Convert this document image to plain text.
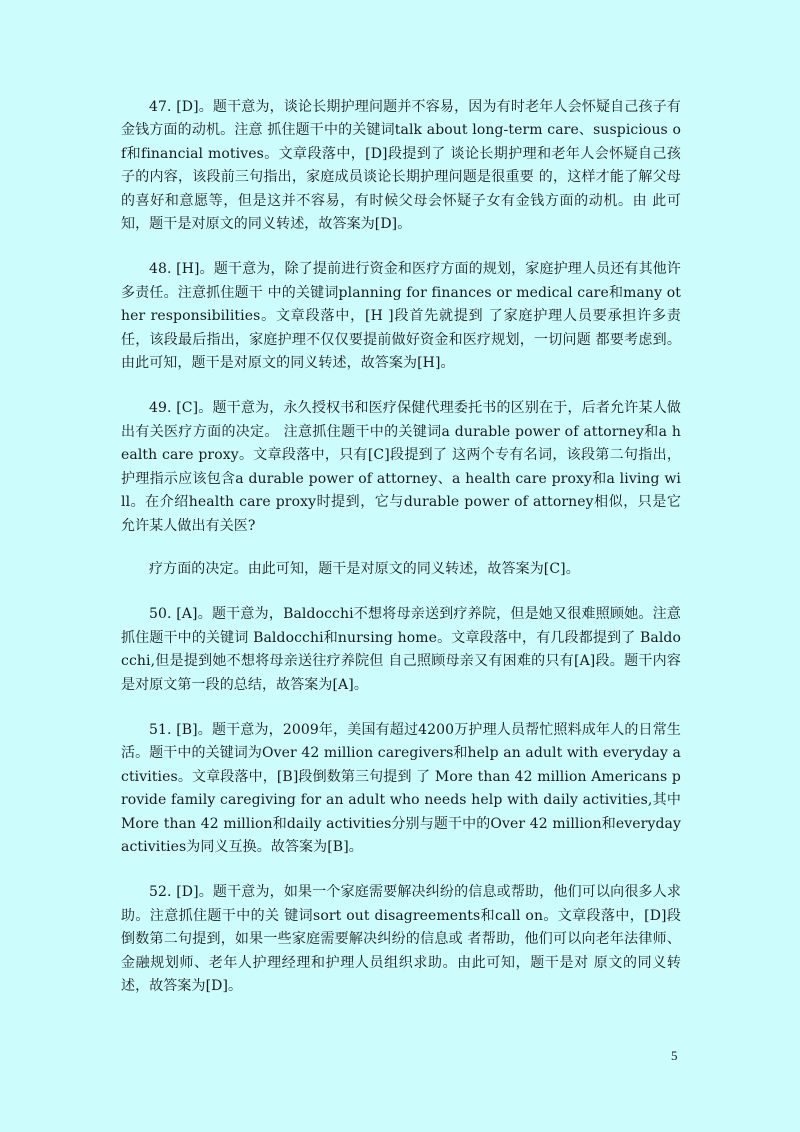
47. [D]。题干意为，谈论长期护理问题并不容易，因为有时老年人会怀疑自己孩子有金钱方面的动机。注意 抓住题干中的关键词talk about long-term care、suspicious of和financial motives。文章段落中，[D]段提到了 谈论长期护理和老年人会怀疑自己孩子的内容，该段前三句指出，家庭成员谈论长期护理问题是很重要 的，这样才能了解父母的喜好和意愿等，但是这并不容易，有时候父母会怀疑子女有金钱方面的动机。由 此可知，题干是对原文的同义转述，故答案为[D]。

48. [H]。题干意为，除了提前进行资金和医疗方面的规划，家庭护理人员还有其他许多责任。注意抓住题干 中的关键词planning for finances or medical care和many other responsibilities。文章段落中，[H ]段首先就提到 了家庭护理人员要承担许多责任，该段最后指出，家庭护理不仅仅要提前做好资金和医疗规划，一切问题 都要考虑到。由此可知，题干是对原文的同义转述，故答案为[H]。

49. [C]。题干意为，永久授权书和医疗保健代理委托书的区别在于，后者允许某人做出有关医疗方面的决定。 注意抓住题干中的关键词a durable power of attorney和a health care proxy。文章段落中，只有[C]段提到了 这两个专有名词，该段第二句指出，护理指示应该包含a durable power of attorney、a health care proxy和a living will。在介绍health care proxy时提到，它与durable power of attorney相似，只是它允许某人做出有关医?

疗方面的决定。由此可知，题干是对原文的同义转述，故答案为[C]。

50. [A]。题干意为，Baldocchi不想将母亲送到疗养院，但是她又很难照顾她。注意抓住题干中的关键词 Baldocchi和nursing home。文章段落中，有几段都提到了 Baldocchi,但是提到她不想将母亲送往疗养院但 自己照顾母亲又有困难的只有[A]段。题干内容是对原文第一段的总结，故答案为[A]。

51. [B]。题干意为，2009年，美国有超过4200万护理人员帮忙照料成年人的日常生活。题干中的关键词为Over 42 million caregivers和help an adult with everyday activities。文章段落中，[B]段倒数第三句提到 了 More than 42 million Americans provide family caregiving for an adult who needs help with daily activities,其中 More than 42 million和daily activities分别与题干中的Over 42 million和everyday activities为同义互换。故答案为[B]。

52. [D]。题干意为，如果一个家庭需要解决纠纷的信息或帮助，他们可以向很多人求助。注意抓住题干中的关 键词sort out disagreements和call on。文章段落中，[D]段倒数第二句提到，如果一些家庭需要解决纠纷的信息或 者帮助，他们可以向老年法律师、金融规划师、老年人护理经理和护理人员组织求助。由此可知，题干是对 原文的同义转述，故答案为[D]。

5
